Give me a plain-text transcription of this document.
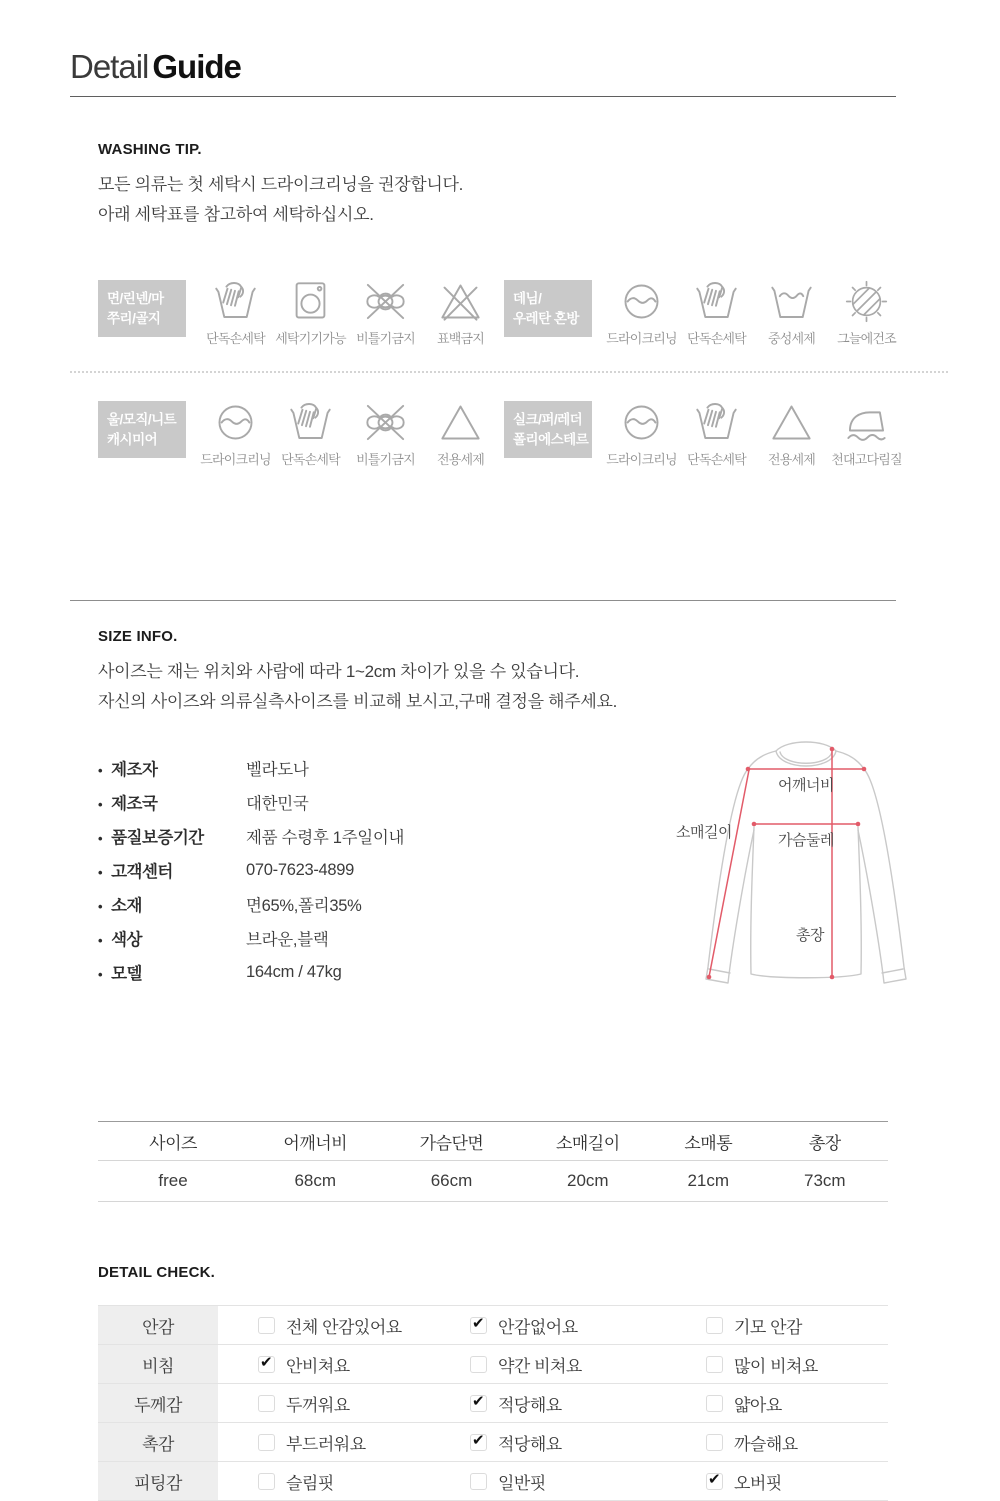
Detail Guide
WASHING TIP.
모든 의류는 첫 세탁시 드라이크리닝을 권장합니다.
아래 세탁표를 참고하여 세탁하십시오.
면/린넨/마
쭈리/골지
단독손세탁 세탁기기가능 비틀기금지	표백금지
데님/
우레탄 혼방
드라이크리닝 단독손세탁	중성세제	그늘에건조
울/모직/니트
캐시미어
드라이크리닝 단독손세탁	비틀기금지	전용세제
실크/퍼/레더
폴리에스테르
드라이크리닝 단독손세탁	전용세제	천대고다림질
SIZE INFO.
사이즈는 재는 위치와 사람에 따라 1~2cm 차이가 있을 수 있습니다.
자신의 사이즈와 의류실측사이즈를 비교해 보시고,구매 결정을 해주세요.
• 제조자	벨라도나
• 제조국	대한민국
• 품질보증기간	제품 수령후 1주일이내
• 고객센터	070-7623-4899
• 소재	면65%,폴리35%
• 색상	브라운,블랙
• 모델	164cm / 47kg
어깨너비
소매길이	가슴둘레
총장
사이즈	어깨너비	가슴단면	소매길이	소매통	총장
free	68cm	66cm	20cm	21cm	73cm
DETAIL CHECK.
안감	전체 안감있어요 ✔	안감없어요	기모 안감
비침 ✔	안비쳐요	약간 비쳐요	많이 비쳐요
두께감	두꺼워요 ✔	적당해요	얇아요
촉감	부드러워요 ✔	적당해요	까슬해요
피팅감	슬림핏	일반핏 ✔	오버핏
